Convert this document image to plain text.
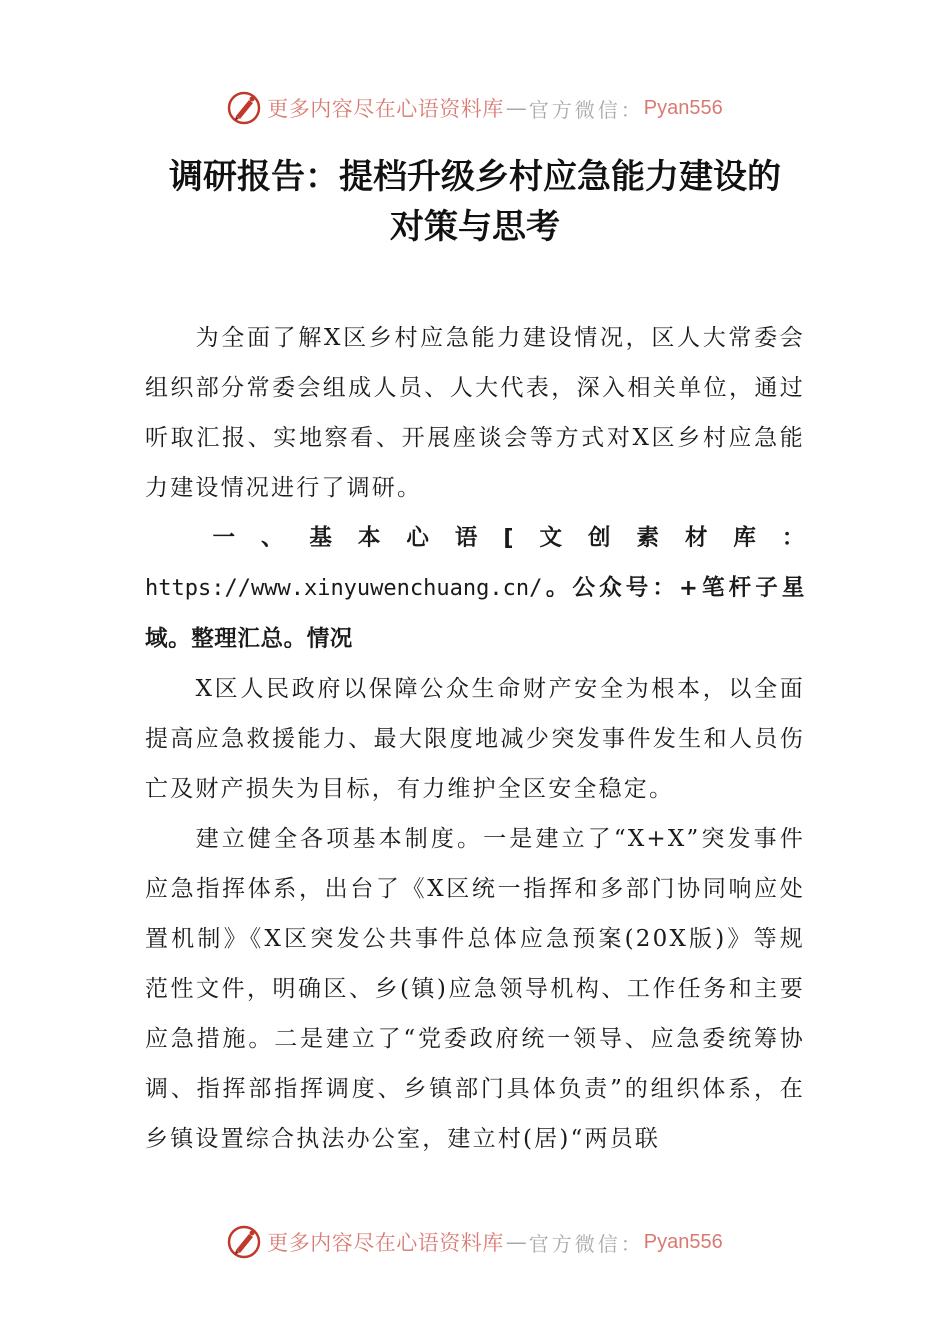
更多内容尽在心语资料库 — 官方微信： Pyan556
调研报告：提档升级乡村应急能力建设的
对策与思考

为全面了解X区乡村应急能力建设情况，区人大常委会组织部分常委会组成人员、人大代表，深入相关单位，通过听取汇报、实地察看、开展座谈会等方式对X区乡村应急能力建设情况进行了调研。

一、基本心语[文创素材库：https://www.xinyuwenchuang.cn/。公众号：+笔杆子星域。整理汇总。情况

X区人民政府以保障公众生命财产安全为根本，以全面提高应急救援能力、最大限度地减少突发事件发生和人员伤亡及财产损失为目标，有力维护全区安全稳定。

建立健全各项基本制度。一是建立了“X+X”突发事件应急指挥体系，出台了《X区统一指挥和多部门协同响应处置机制》《X区突发公共事件总体应急预案(20X版)》等规范性文件，明确区、乡(镇)应急领导机构、工作任务和主要应急措施。二是建立了“党委政府统一领导、应急委统筹协调、指挥部指挥调度、乡镇部门具体负责”的组织体系，在乡镇设置综合执法办公室，建立村(居)“两员联

更多内容尽在心语资料库 — 官方微信： Pyan556
